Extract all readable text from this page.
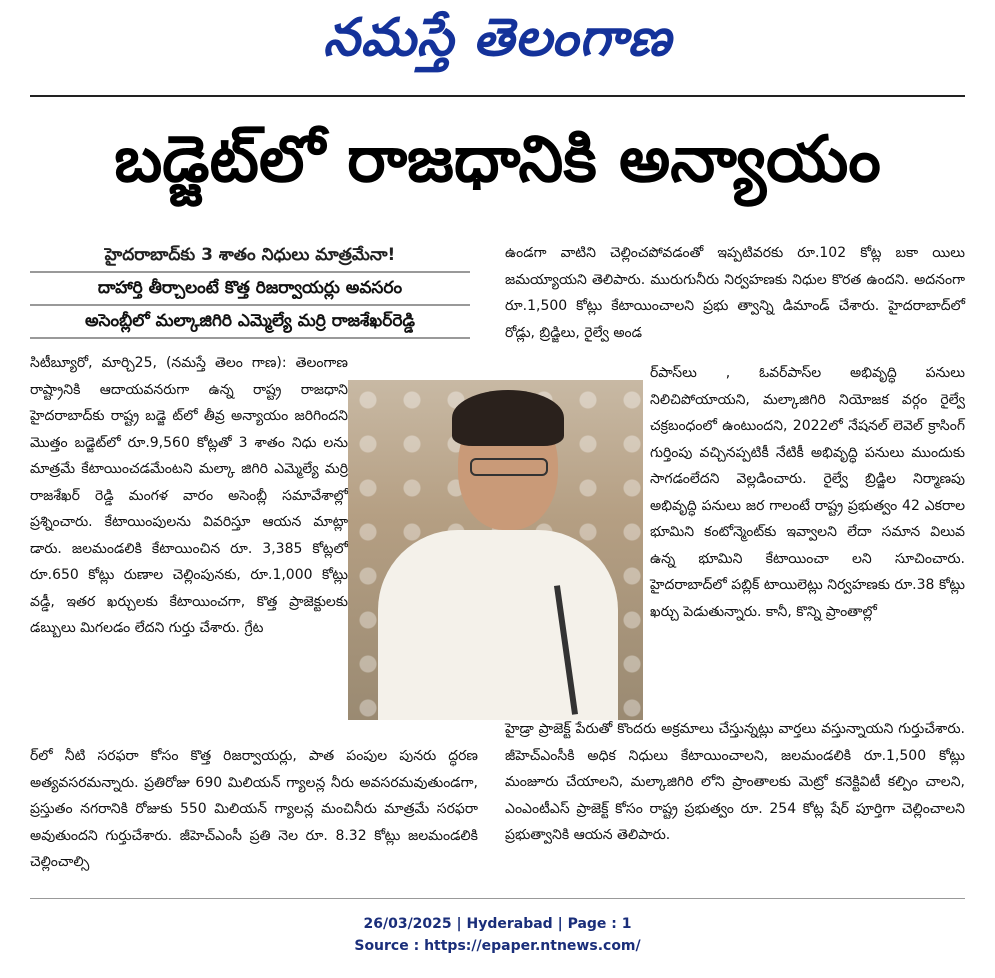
నమస్తే తెలంగాణ
బడ్జెట్‌లో రాజధానికి అన్యాయం
హైదరాబాద్‌కు 3 శాతం నిధులు మాత్రమేనా!
దాహార్తి తీర్చాలంటే కొత్త రిజర్వాయర్లు అవసరం
అసెంబ్లీలో మల్కాజిగిరి ఎమ్మెల్యే మర్రి రాజశేఖర్‌రెడ్డి

సిటీబ్యూరో, మార్చి25, (నమస్తే తెలం గాణ): తెలంగాణ రాష్ట్రానికి ఆదాయవనరుగా ఉన్న రాష్ట్ర రాజధాని హైదరాబాద్‌కు రాష్ట్ర బడ్జె ట్‌లో తీవ్ర అన్యాయం జరిగిందని మొత్తం బడ్జెట్‌లో రూ.9,560 కోట్లతో 3 శాతం నిధు లను మాత్రమే కేటాయించడమేంటని మల్కా జిగిరి ఎమ్మెల్యే మర్రి రాజశేఖర్ రెడ్డి మంగళ వారం అసెంబ్లీ సమావేశాల్లో ప్రశ్నించారు. కేటాయింపులను వివరిస్తూ ఆయన మాట్లా డారు. జలమండలికి కేటాయించిన రూ. 3,385 కోట్లలో రూ.650 కోట్లు రుణాల చెల్లింపునకు, రూ.1,000 కోట్లు వడ్డీ, ఇతర ఖర్చులకు కేటాయించగా, కొత్త ప్రాజెక్టులకు డబ్బులు మిగలడం లేదని గుర్తు చేశారు. గ్రేట

ర్‌లో నీటి సరఫరా కోసం కొత్త రిజర్వాయర్లు, పాత పంపుల పునరు ద్ధరణ అత్యవసరమన్నారు. ప్రతిరోజు 690 మిలియన్ గ్యాలన్ల నీరు అవసరమవుతుండగా, ప్రస్తుతం నగరానికి రోజుకు 550 మిలియన్ గ్యాలన్ల మంచినీరు మాత్రమే సరఫరా అవుతుందని గుర్తుచేశారు. జీహెచ్‌ఎంసీ ప్రతి నెల రూ. 8.32 కోట్లు జలమండలికి చెల్లించాల్సి

ఉండగా వాటిని చెల్లించపోవడంతో ఇప్పటివరకు రూ.102 కోట్ల బకా యిలు జమయ్యాయని తెలిపారు. మురుగునీరు నిర్వహణకు నిధుల కొరత ఉందని. అదనంగా రూ.1,500 కోట్లు కేటాయించాలని ప్రభు త్వాన్ని డిమాండ్ చేశారు. హైదరాబాద్‌లో రోడ్లు, బ్రిడ్జిలు, రైల్వే అండ

ర్‌పాస్‌లు , ఓవర్‌పాస్‌ల అభివృద్ధి పనులు నిలిచిపోయాయని, మల్కాజిగిరి నియోజక వర్గం రైల్వే చక్రబంధంలో ఉంటుందని, 2022లో నేషనల్ లెవెల్ క్రాసింగ్ గుర్తింపు వచ్చినప్పటికీ నేటికీ అభివృద్ధి పనులు ముందుకు సాగడంలేదని వెల్లడించారు. రైల్వే బ్రిడ్జిల నిర్మాణపు అభివృద్ధి పనులు జర గాలంటే రాష్ట్ర ప్రభుత్వం 42 ఎకరాల భూమిని కంటోన్మెంట్‌కు ఇవ్వాలని లేదా సమాన విలువ ఉన్న భూమిని కేటాయించా లని సూచించారు. హైదరాబాద్‌లో పబ్లిక్ టాయిలెట్లు నిర్వహణకు రూ.38 కోట్లు ఖర్చు పెడుతున్నారు. కానీ, కొన్ని ప్రాంతాల్లో

హైడ్రా ప్రాజెక్ట్ పేరుతో కొందరు అక్రమాలు చేస్తున్నట్లు వార్తలు వస్తున్నాయని గుర్తుచేశారు. జీహెచ్‌ఎంసీకి అధిక నిధులు కేటాయించాలని, జలమండలికి రూ.1,500 కోట్లు మంజూరు చేయాలని, మల్కాజిగిరి లోని ప్రాంతాలకు మెట్రో కనెక్టివిటీ కల్పిం చాలని, ఎంఎంటీఎస్ ప్రాజెక్ట్ కోసం రాష్ట్ర ప్రభుత్వం రూ. 254 కోట్ల షేర్ పూర్తిగా చెల్లించాలని ప్రభుత్వానికి ఆయన తెలిపారు.

26/03/2025 | Hyderabad | Page : 1
Source : https://epaper.ntnews.com/
